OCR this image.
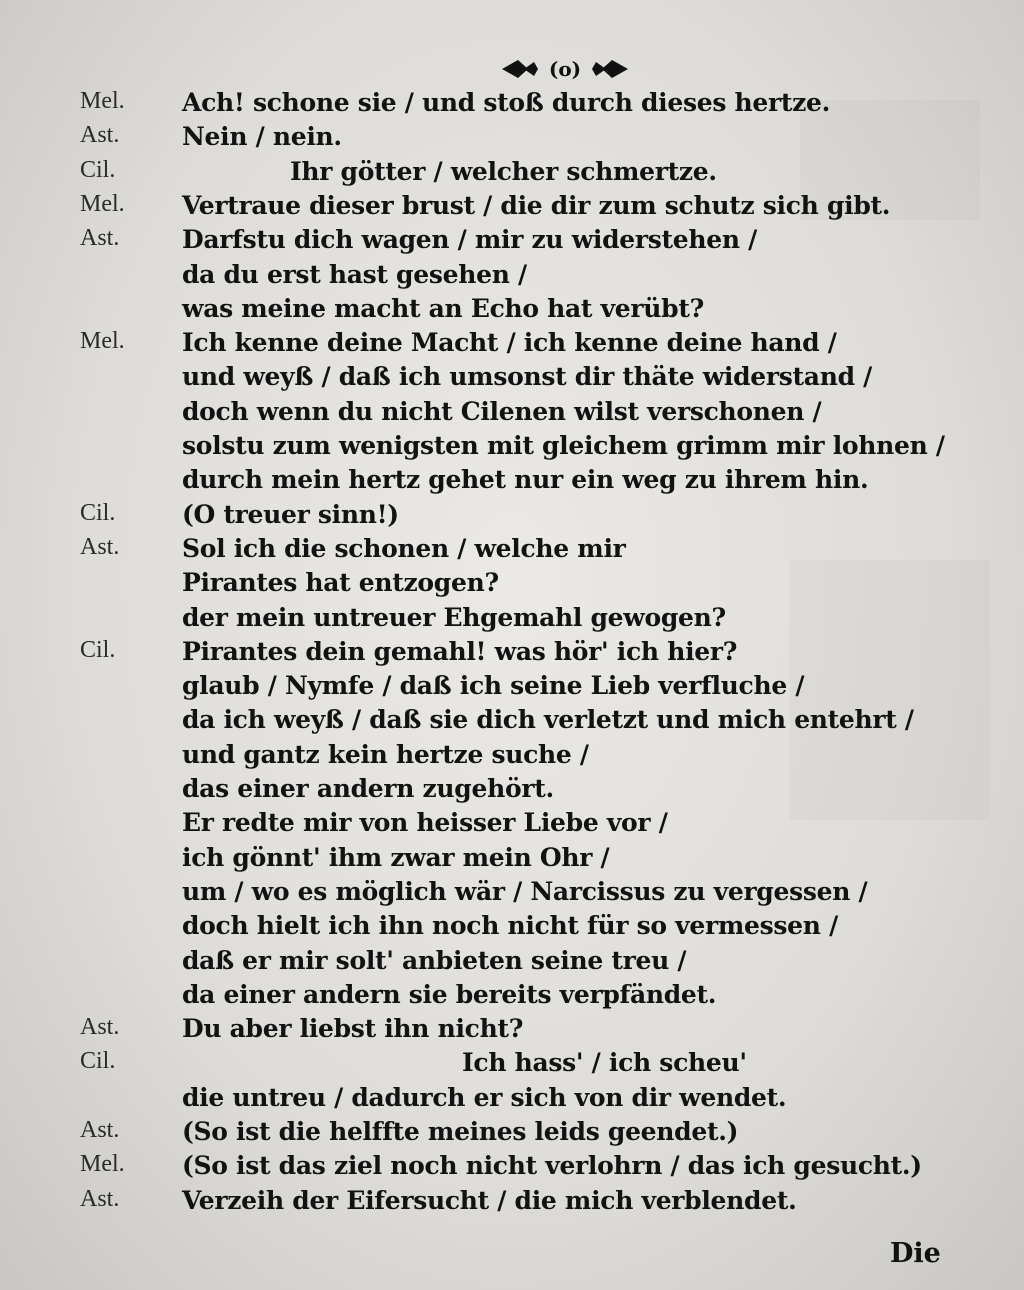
(o)
Mel.	Ach! schone sie / und stoß durch dieses hertze.
Ast.	Nein / nein.
Cil.	Ihr götter / welcher schmertze.
Mel.	Vertraue dieser brust / die dir zum schutz sich gibt.
Ast.	Darfstu dich wagen / mir zu widerstehen /
da du erst hast gesehen /
was meine macht an Echo hat verübt?
Mel.	Ich kenne deine Macht / ich kenne deine hand /
und weyß / daß ich umsonst dir thäte widerstand /
doch wenn du nicht Cilenen wilst verschonen /
solstu zum wenigsten mit gleichem grimm mir lohnen /
durch mein hertz gehet nur ein weg zu ihrem hin.
Cil.	(O treuer sinn!)
Ast.	Sol ich die schonen / welche mir
Pirantes hat entzogen?
der mein untreuer Ehgemahl gewogen?
Cil.	Pirantes dein gemahl! was hör' ich hier?
glaub / Nymfe / daß ich seine Lieb verfluche /
da ich weyß / daß sie dich verletzt und mich entehrt /
und gantz kein hertze suche /
das einer andern zugehört.
Er redte mir von heisser Liebe vor /
ich gönnt' ihm zwar mein Ohr /
um / wo es möglich wär / Narcissus zu vergessen /
doch hielt ich ihn noch nicht für so vermessen /
daß er mir solt' anbieten seine treu /
da einer andern sie bereits verpfändet.
Ast.	Du aber liebst ihn nicht?
Cil.	Ich hass' / ich scheu'
die untreu / dadurch er sich von dir wendet.
Ast.	(So ist die helffte meines leids geendet.)
Mel.	(So ist das ziel noch nicht verlohrn / das ich gesucht.)
Ast.	Verzeih der Eifersucht / die mich verblendet.
Die
